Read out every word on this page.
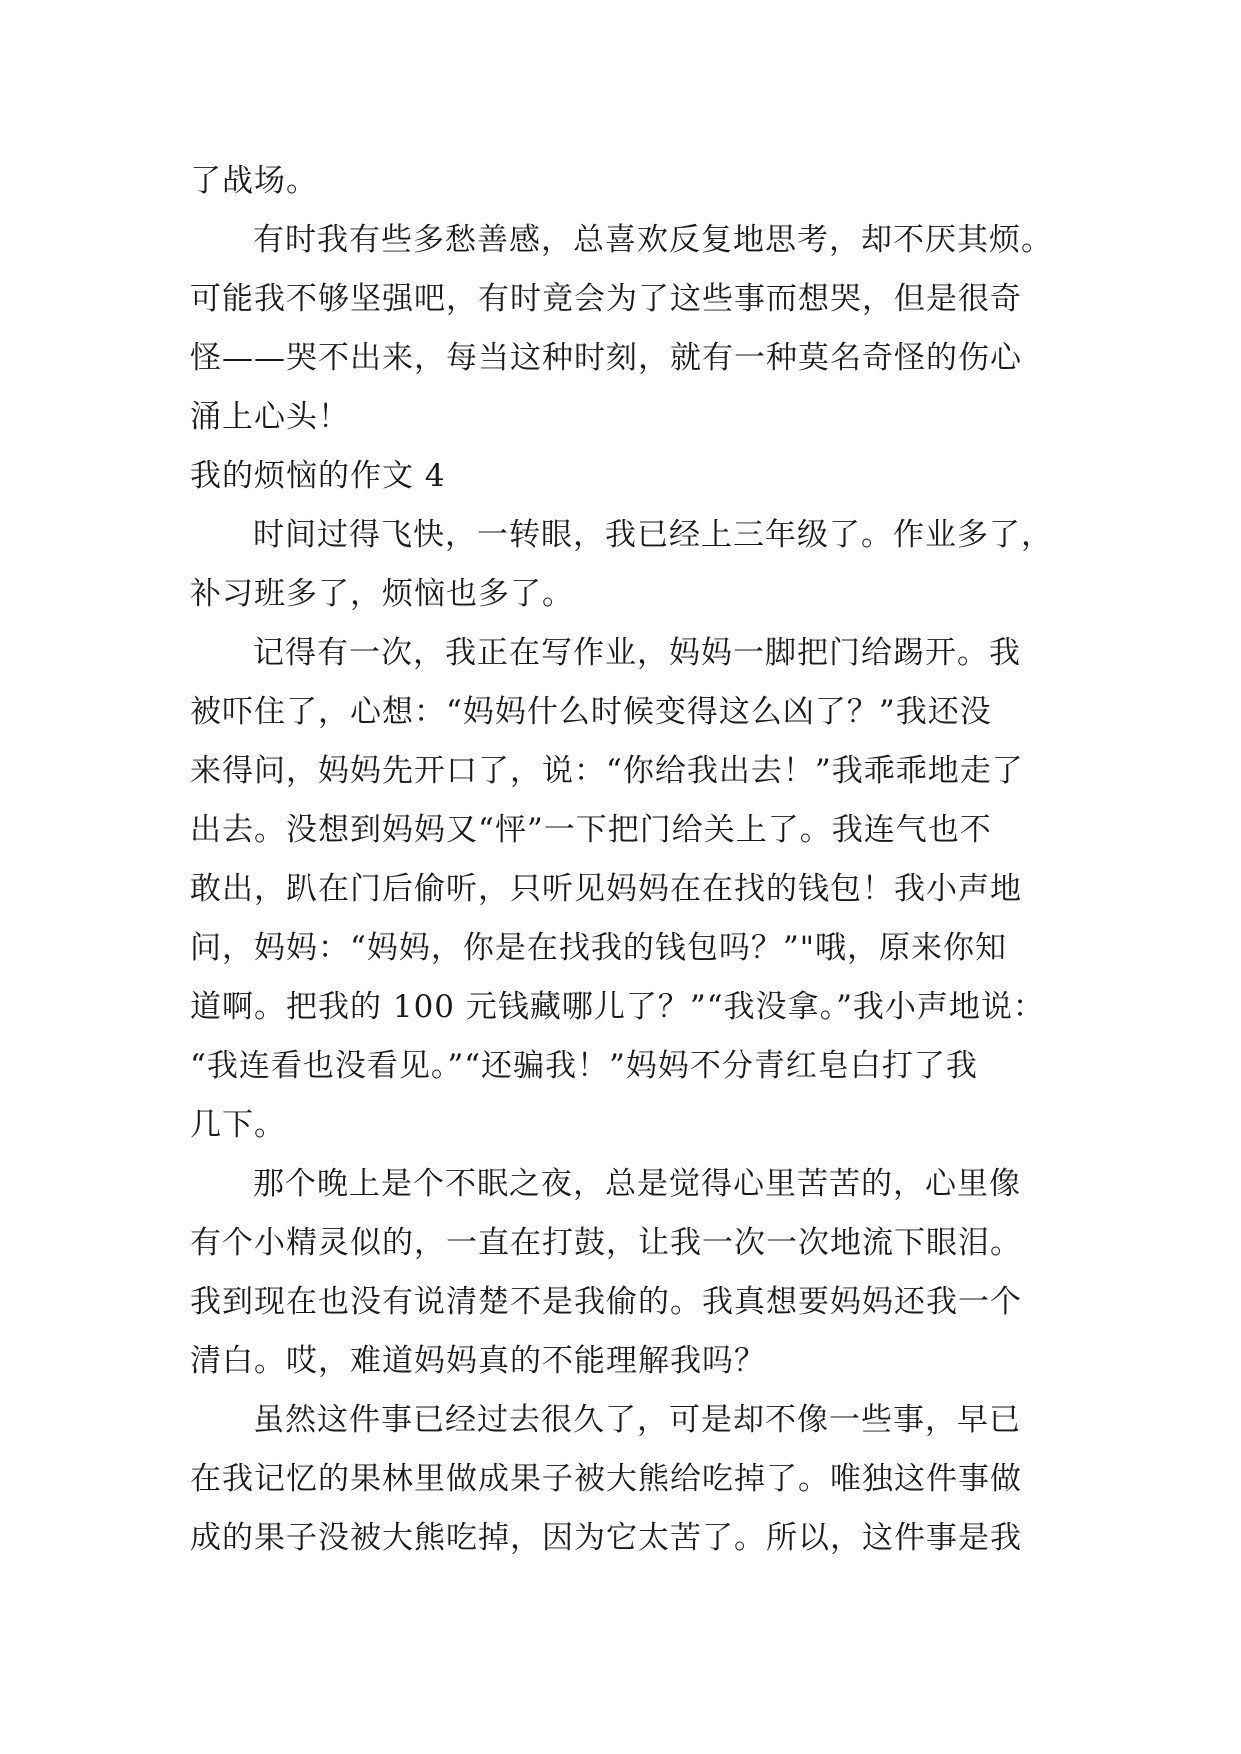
了战场。
有时我有些多愁善感，总喜欢反复地思考，却不厌其烦。
可能我不够坚强吧，有时竟会为了这些事而想哭，但是很奇
怪——哭不出来，每当这种时刻，就有一种莫名奇怪的伤心
涌上心头！
我的烦恼的作文 4
时间过得飞快，一转眼，我已经上三年级了。作业多了，
补习班多了，烦恼也多了。
记得有一次，我正在写作业，妈妈一脚把门给踢开。我
被吓住了，心想：“妈妈什么时候变得这么凶了？”我还没
来得问，妈妈先开口了，说：“你给我出去！”我乖乖地走了
出去。没想到妈妈又“怦”一下把门给关上了。我连气也不
敢出，趴在门后偷听，只听见妈妈在在找的钱包！我小声地
问，妈妈：“妈妈，你是在找我的钱包吗？”"哦，原来你知
道啊。把我的 100 元钱藏哪儿了？”“我没拿。”我小声地说：
“我连看也没看见。”“还骗我！”妈妈不分青红皂白打了我
几下。
那个晚上是个不眠之夜，总是觉得心里苦苦的，心里像
有个小精灵似的，一直在打鼓，让我一次一次地流下眼泪。
我到现在也没有说清楚不是我偷的。我真想要妈妈还我一个
清白。哎，难道妈妈真的不能理解我吗？
虽然这件事已经过去很久了，可是却不像一些事，早已
在我记忆的果林里做成果子被大熊给吃掉了。唯独这件事做
成的果子没被大熊吃掉，因为它太苦了。所以，这件事是我
